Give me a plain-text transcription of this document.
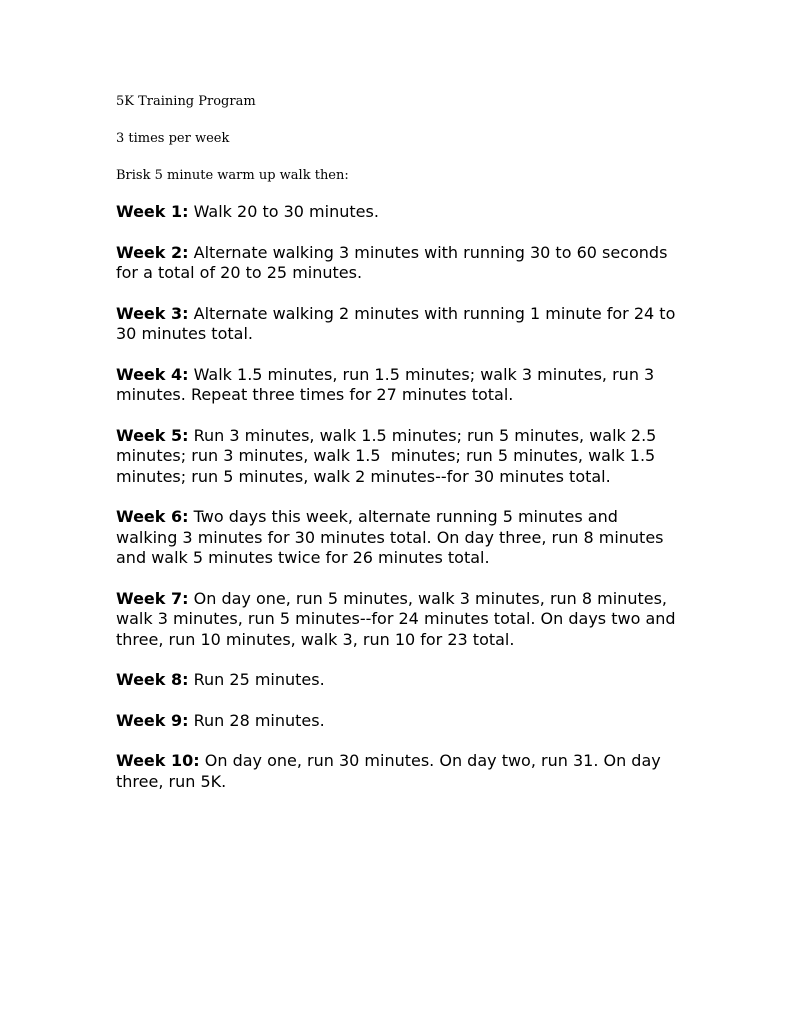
5K Training Program

3 times per week

Brisk 5 minute warm up walk then:

Week 1: Walk 20 to 30 minutes.

Week 2: Alternate walking 3 minutes with running 30 to 60 seconds for a total of 20 to 25 minutes.

Week 3: Alternate walking 2 minutes with running 1 minute for 24 to 30 minutes total.

Week 4: Walk 1.5 minutes, run 1.5 minutes; walk 3 minutes, run 3 minutes. Repeat three times for 27 minutes total.

Week 5: Run 3 minutes, walk 1.5 minutes; run 5 minutes, walk 2.5 minutes; run 3 minutes, walk 1.5  minutes; run 5 minutes, walk 1.5 minutes; run 5 minutes, walk 2 minutes--for 30 minutes total.

Week 6: Two days this week, alternate running 5 minutes and walking 3 minutes for 30 minutes total. On day three, run 8 minutes and walk 5 minutes twice for 26 minutes total.

Week 7: On day one, run 5 minutes, walk 3 minutes, run 8 minutes, walk 3 minutes, run 5 minutes--for 24 minutes total. On days two and three, run 10 minutes, walk 3, run 10 for 23 total.

Week 8: Run 25 minutes.

Week 9: Run 28 minutes.

Week 10: On day one, run 30 minutes. On day two, run 31. On day three, run 5K.
